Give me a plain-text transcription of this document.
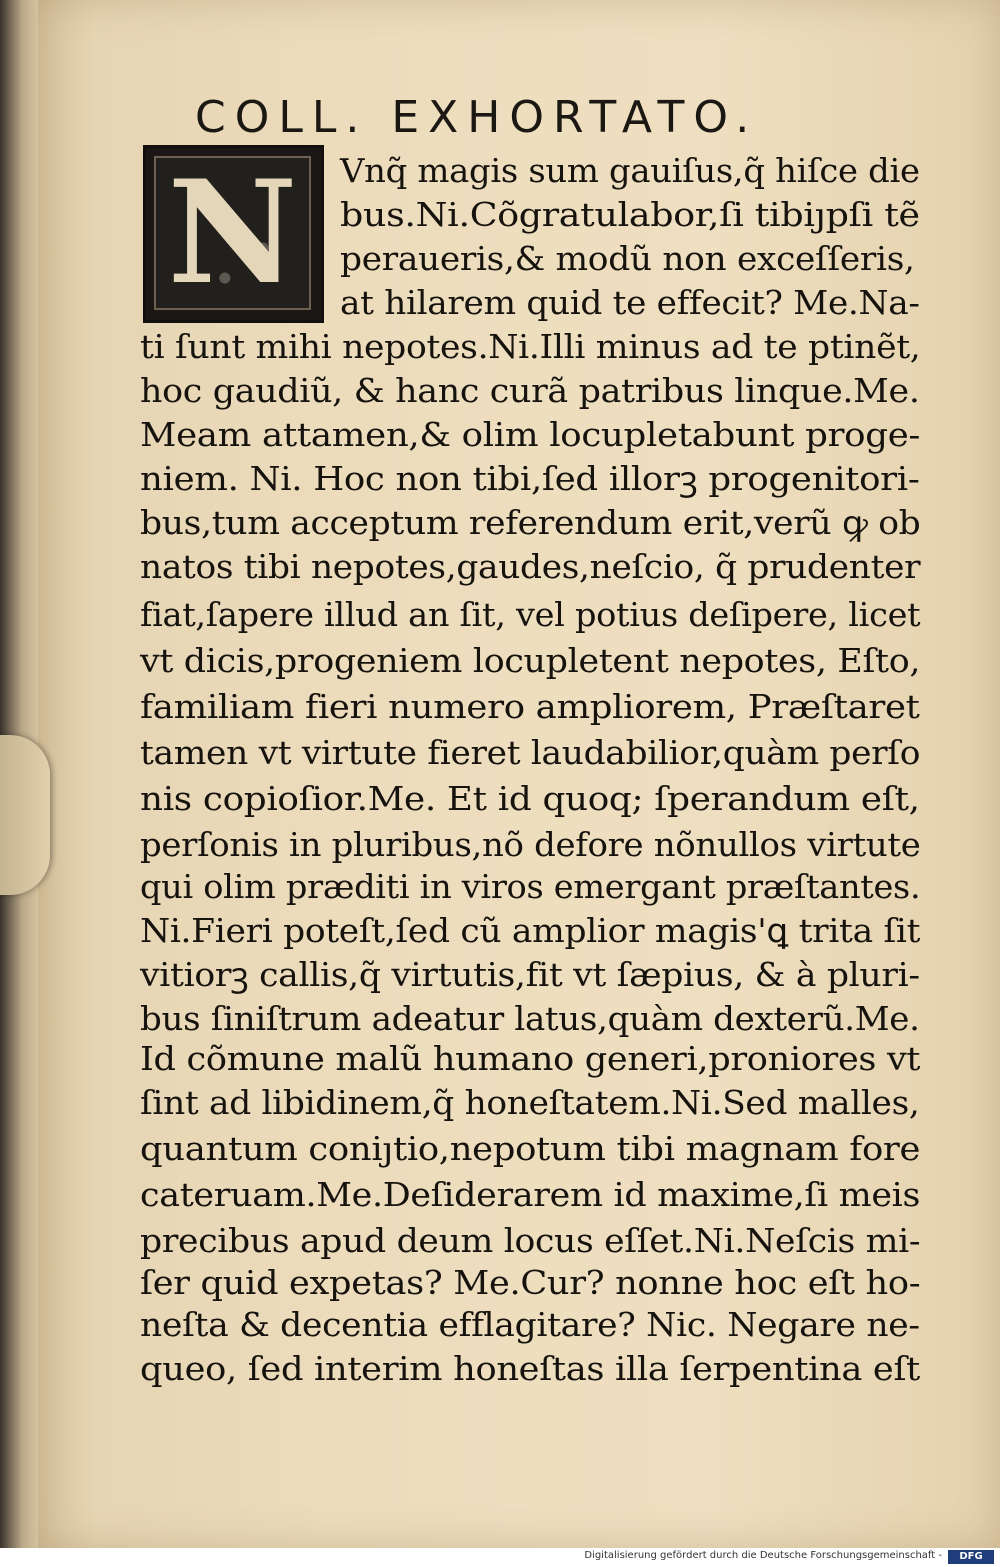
COLL. EXHORTATO.
N	Vnq̃ magis sum gauiſus,q̃ hiſce die
bus.Ni.Cõgratulabor,ſi tibiȷpſi tẽ
peraueris,& modũ non exceſſeris,
at hilarem quid te effecit? Me.Na-
ti ſunt mihi nepotes.Ni.Illi minus ad te ptinẽt,
hoc gaudiũ, & hanc curã patribus linque.Me.
Meam attamen,& olim locupletabunt proge-
niem. Ni. Hoc non tibi,ſed illorꝫ progenitori-
bus,tum acceptum referendum erit,verũ ꝙ ob
natos tibi nepotes,gaudes,neſcio, q̃ prudenter
fiat,ſapere illud an ſit, vel potius deſipere, licet
vt dicis,progeniem locupletent nepotes, Eſto,
familiam fieri numero ampliorem, Præſtaret
tamen vt virtute fieret laudabilior,quàm perſo
nis copioſior.Me. Et id quoq; ſperandum eſt,
perſonis in pluribus,nõ defore nõnullos virtute
qui olim præditi in viros emergant præſtantes.
Ni.Fieri poteſt,ſed cũ amplior magis'ꝗ trita ſit
vitiorꝫ callis,q̃ virtutis,fit vt ſæpius, & à pluri-
bus ſiniſtrum adeatur latus,quàm dexterũ.Me.
Id cõmune malũ humano generi,proniores vt
ſint ad libidinem,q̃ honeſtatem.Ni.Sed malles,
quantum coniȷtio,nepotum tibi magnam fore
cateruam.Me.Deſiderarem id maxime,ſi meis
precibus apud deum locus eſſet.Ni.Neſcis mi-
ſer quid expetas? Me.Cur? nonne hoc eſt ho-
neſta & decentia efflagitare? Nic. Negare ne-
queo, ſed interim honeſtas illa ſerpentina eſt
Digitalisierung gefördert durch die Deutsche Forschungsgemeinschaft -	DFG
